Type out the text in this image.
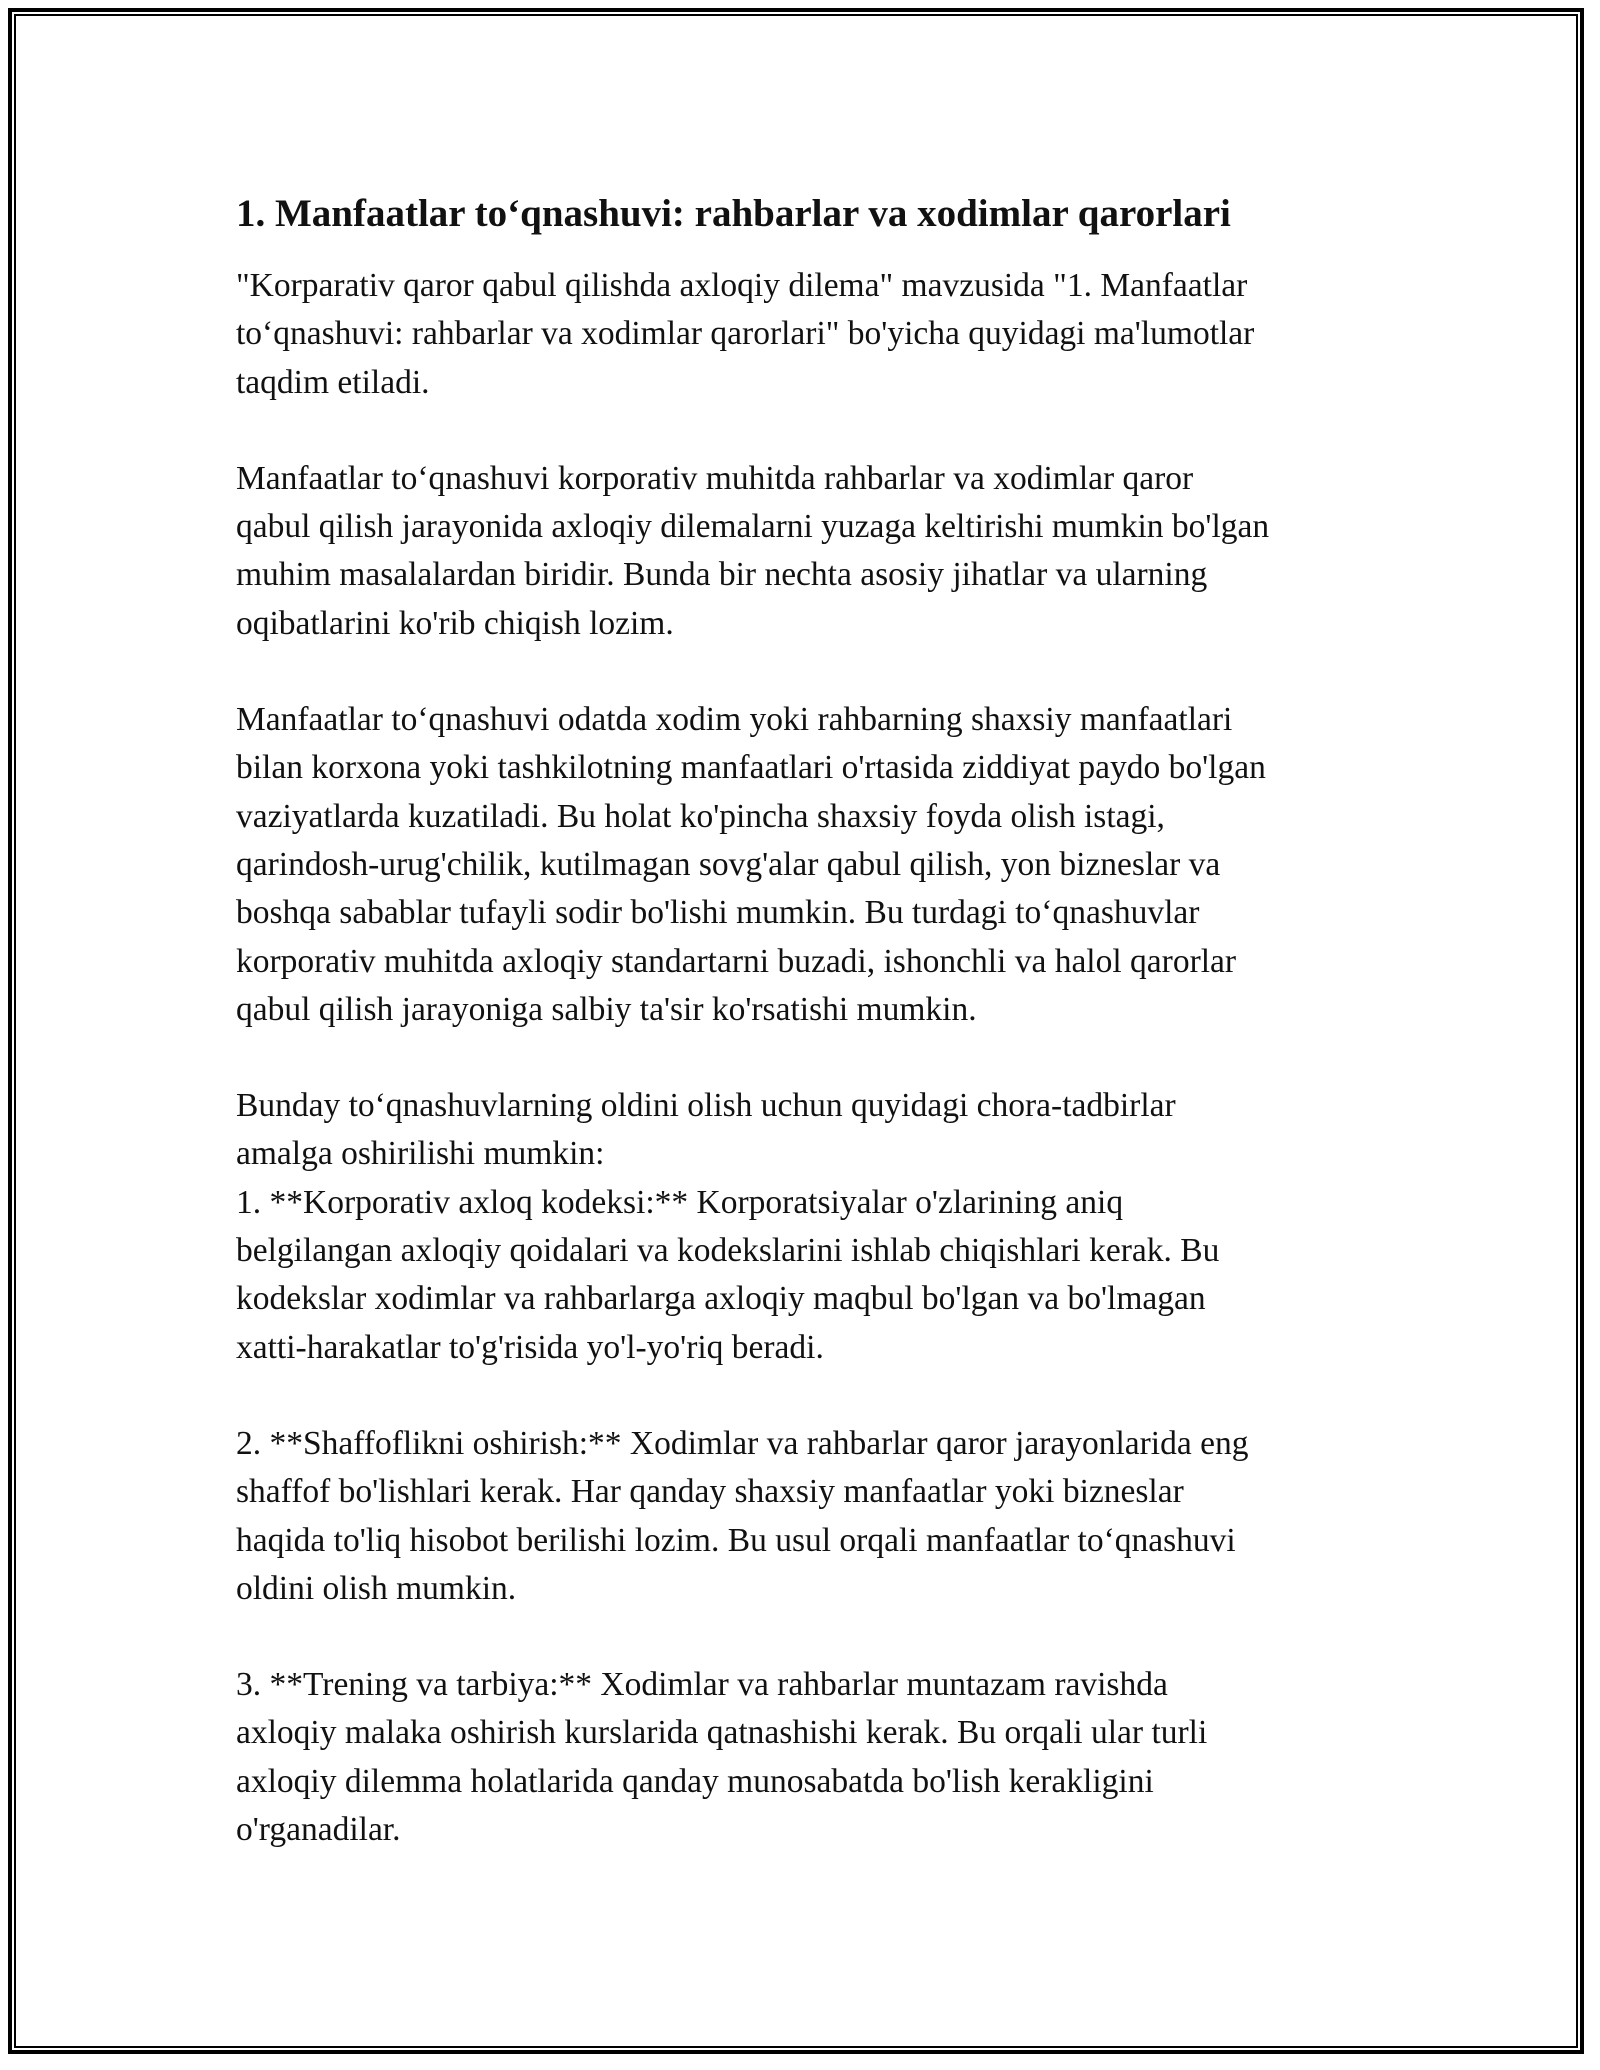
1. Manfaatlar to‘qnashuvi: rahbarlar va xodimlar qarorlari

"Korparativ qaror qabul qilishda axloqiy dilema" mavzusida "1. Manfaatlar
to‘qnashuvi: rahbarlar va xodimlar qarorlari" bo'yicha quyidagi ma'lumotlar
taqdim etiladi.

Manfaatlar to‘qnashuvi korporativ muhitda rahbarlar va xodimlar qaror
qabul qilish jarayonida axloqiy dilemalarni yuzaga keltirishi mumkin bo'lgan
muhim masalalardan biridir. Bunda bir nechta asosiy jihatlar va ularning
oqibatlarini ko'rib chiqish lozim.

Manfaatlar to‘qnashuvi odatda xodim yoki rahbarning shaxsiy manfaatlari
bilan korxona yoki tashkilotning manfaatlari o'rtasida ziddiyat paydo bo'lgan
vaziyatlarda kuzatiladi. Bu holat ko'pincha shaxsiy foyda olish istagi,
qarindosh-urug'chilik, kutilmagan sovg'alar qabul qilish, yon bizneslar va
boshqa sabablar tufayli sodir bo'lishi mumkin. Bu turdagi to‘qnashuvlar
korporativ muhitda axloqiy standartarni buzadi, ishonchli va halol qarorlar
qabul qilish jarayoniga salbiy ta'sir ko'rsatishi mumkin.

Bunday to‘qnashuvlarning oldini olish uchun quyidagi chora-tadbirlar
amalga oshirilishi mumkin:
1. **Korporativ axloq kodeksi:** Korporatsiyalar o'zlarining aniq
belgilangan axloqiy qoidalari va kodekslarini ishlab chiqishlari kerak. Bu
kodekslar xodimlar va rahbarlarga axloqiy maqbul bo'lgan va bo'lmagan
xatti-harakatlar to'g'risida yo'l-yo'riq beradi.

2. **Shaffoflikni oshirish:** Xodimlar va rahbarlar qaror jarayonlarida eng
shaffof bo'lishlari kerak. Har qanday shaxsiy manfaatlar yoki bizneslar
haqida to'liq hisobot berilishi lozim. Bu usul orqali manfaatlar to‘qnashuvi
oldini olish mumkin.

3. **Trening va tarbiya:** Xodimlar va rahbarlar muntazam ravishda
axloqiy malaka oshirish kurslarida qatnashishi kerak. Bu orqali ular turli
axloqiy dilemma holatlarida qanday munosabatda bo'lish kerakligini
o'rganadilar.
